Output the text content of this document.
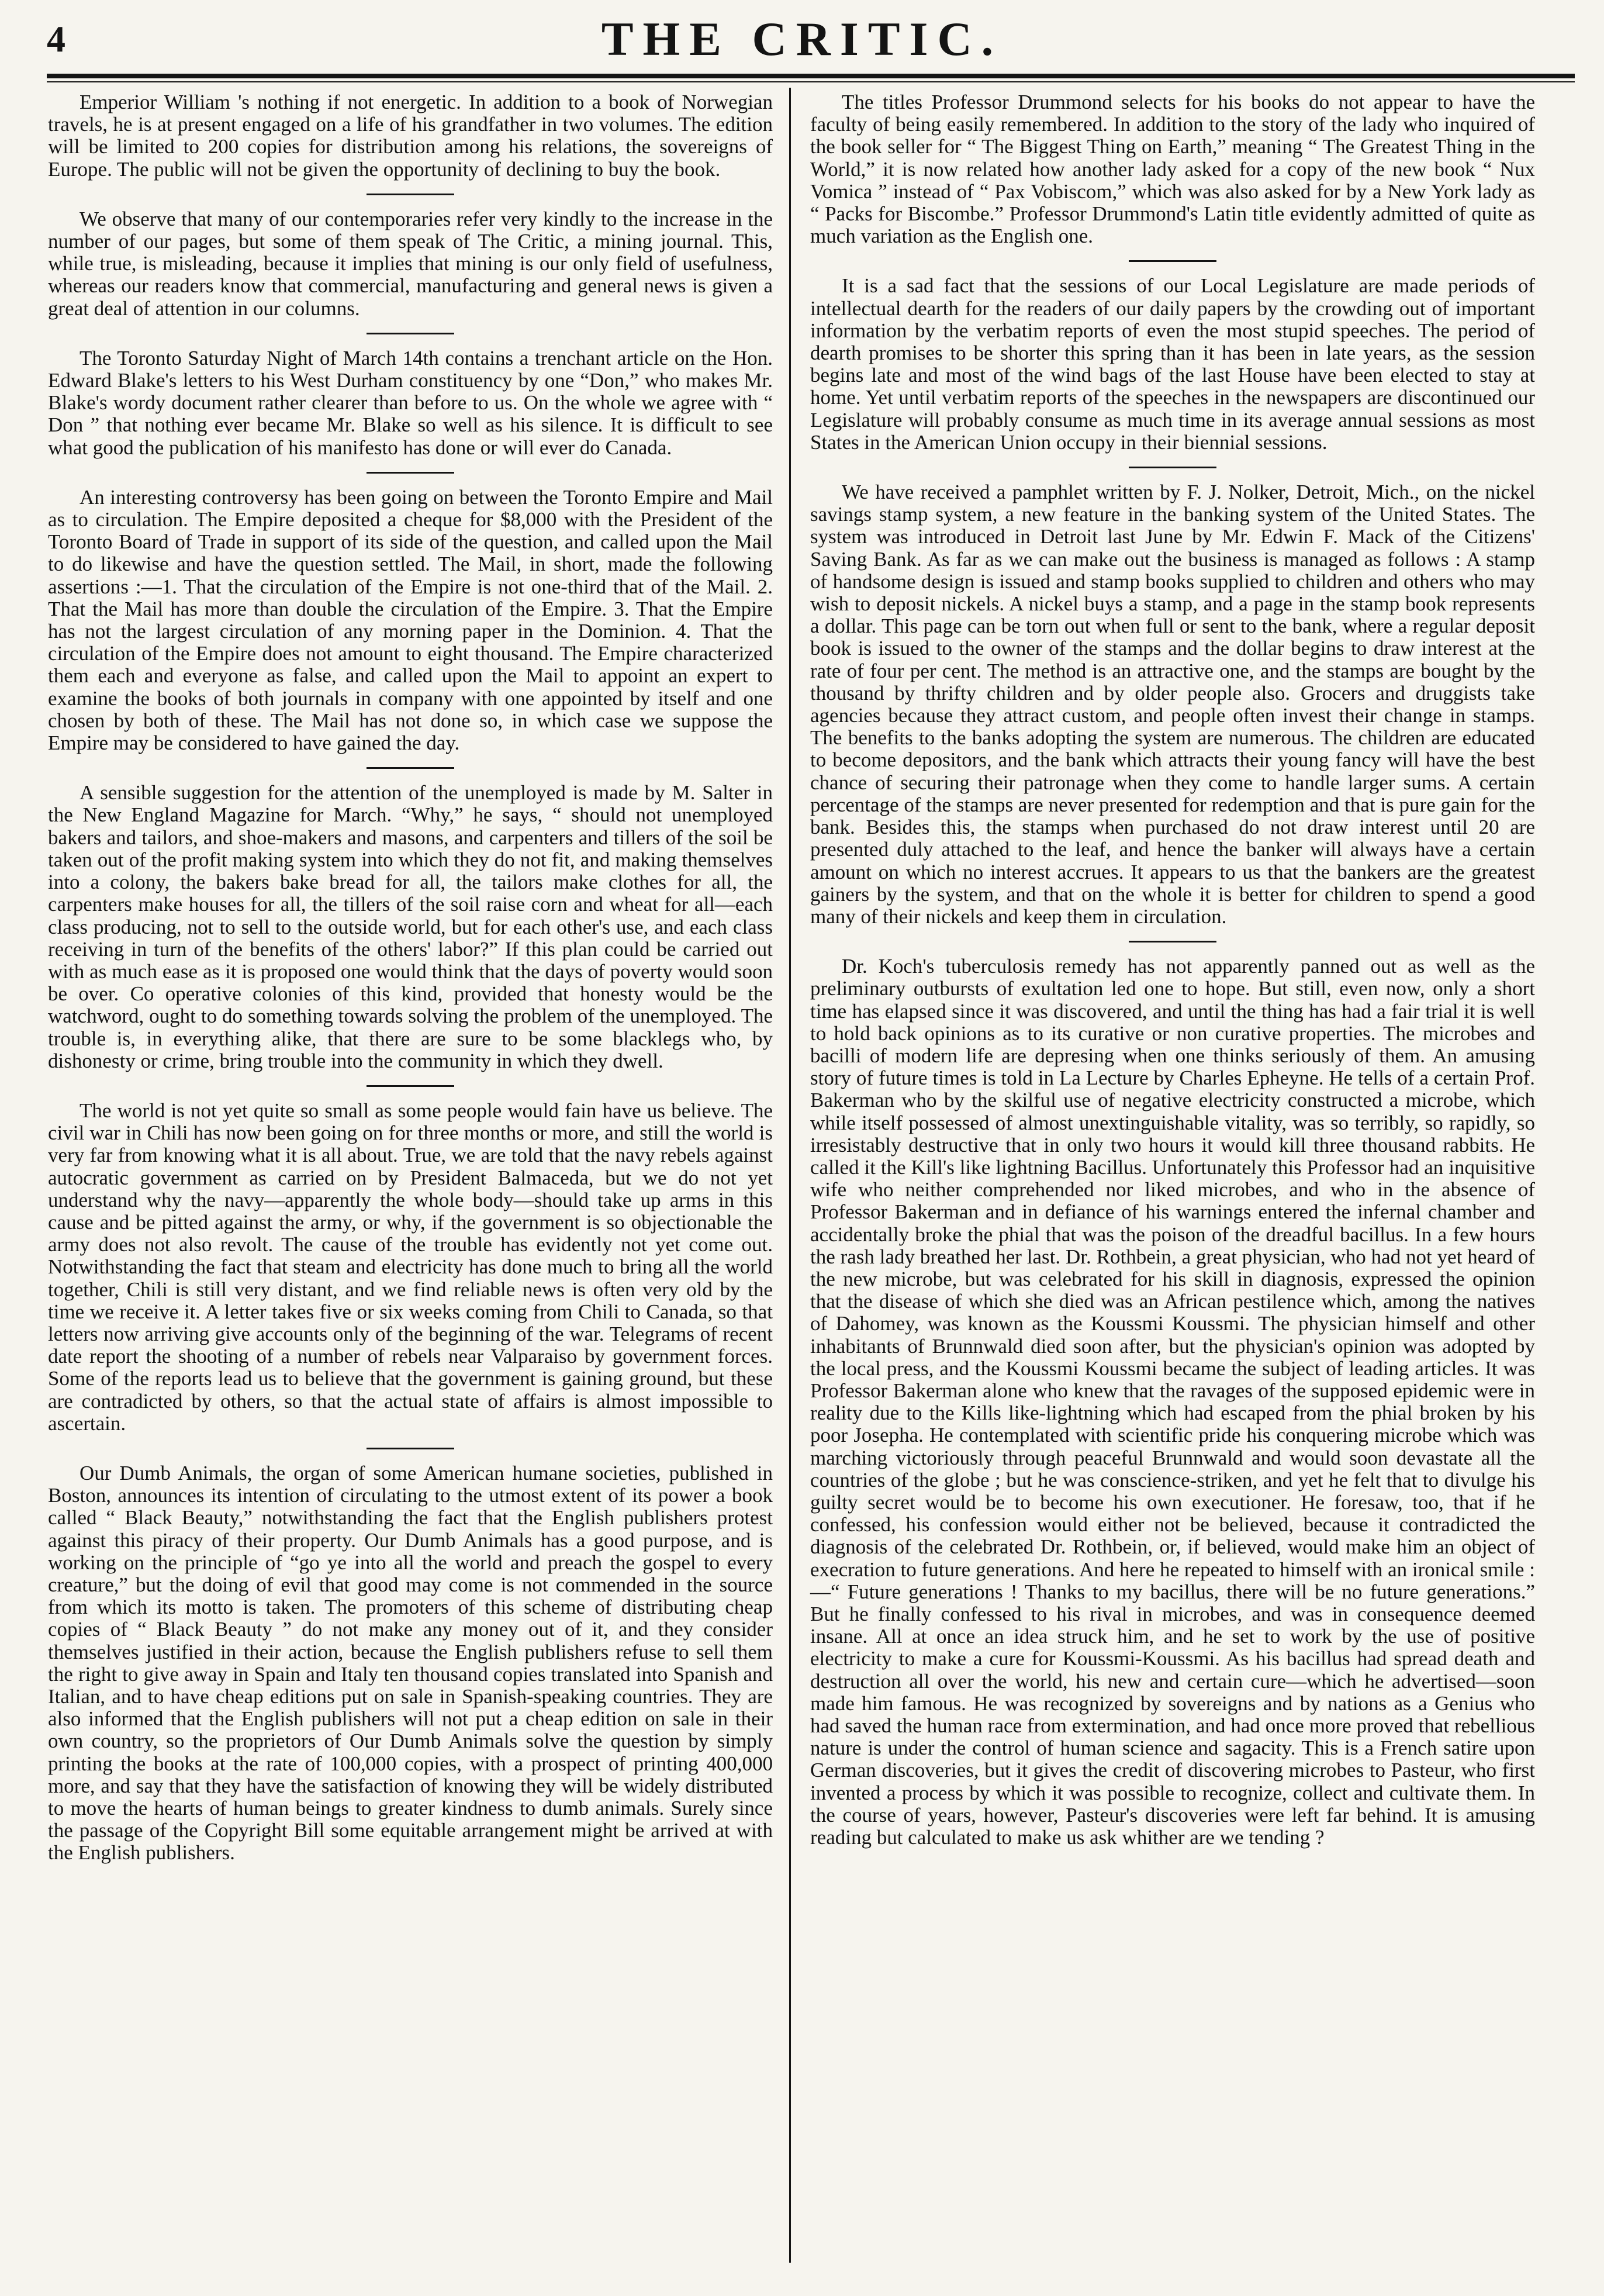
4	THE CRITIC.

Emperior William 's nothing if not energetic. In addition to a book of Norwegian travels, he is at present engaged on a life of his grandfather in two volumes. The edition will be limited to 200 copies for distribution among his relations, the sovereigns of Europe. The public will not be given the opportunity of declining to buy the book.

We observe that many of our contemporaries refer very kindly to the increase in the number of our pages, but some of them speak of The Critic, a mining journal. This, while true, is misleading, because it implies that mining is our only field of usefulness, whereas our readers know that commercial, manufacturing and general news is given a great deal of attention in our columns.

The Toronto Saturday Night of March 14th contains a trenchant article on the Hon. Edward Blake's letters to his West Durham constituency by one “Don,” who makes Mr. Blake's wordy document rather clearer than before to us. On the whole we agree with “ Don ” that nothing ever became Mr. Blake so well as his silence. It is difficult to see what good the publication of his manifesto has done or will ever do Canada.

An interesting controversy has been going on between the Toronto Empire and Mail as to circulation. The Empire deposited a cheque for $8,000 with the President of the Toronto Board of Trade in support of its side of the question, and called upon the Mail to do likewise and have the question settled. The Mail, in short, made the following assertions :—1. That the circulation of the Empire is not one-third that of the Mail. 2. That the Mail has more than double the circulation of the Empire. 3. That the Empire has not the largest circulation of any morning paper in the Dominion. 4. That the circulation of the Empire does not amount to eight thousand. The Empire characterized them each and everyone as false, and called upon the Mail to appoint an expert to examine the books of both journals in company with one appointed by itself and one chosen by both of these. The Mail has not done so, in which case we suppose the Empire may be considered to have gained the day.

A sensible suggestion for the attention of the unemployed is made by M. Salter in the New England Magazine for March. “Why,” he says, “ should not unemployed bakers and tailors, and shoe-makers and masons, and carpenters and tillers of the soil be taken out of the profit making system into which they do not fit, and making themselves into a colony, the bakers bake bread for all, the tailors make clothes for all, the carpenters make houses for all, the tillers of the soil raise corn and wheat for all—each class producing, not to sell to the outside world, but for each other's use, and each class receiving in turn of the benefits of the others' labor?” If this plan could be carried out with as much ease as it is proposed one would think that the days of poverty would soon be over. Co operative colonies of this kind, provided that honesty would be the watchword, ought to do something towards solving the problem of the unemployed. The trouble is, in everything alike, that there are sure to be some blacklegs who, by dishonesty or crime, bring trouble into the community in which they dwell.

The world is not yet quite so small as some people would fain have us believe. The civil war in Chili has now been going on for three months or more, and still the world is very far from knowing what it is all about. True, we are told that the navy rebels against autocratic government as carried on by President Balmaceda, but we do not yet understand why the navy—apparently the whole body—should take up arms in this cause and be pitted against the army, or why, if the government is so objectionable the army does not also revolt. The cause of the trouble has evidently not yet come out. Notwithstanding the fact that steam and electricity has done much to bring all the world together, Chili is still very distant, and we find reliable news is often very old by the time we receive it. A letter takes five or six weeks coming from Chili to Canada, so that letters now arriving give accounts only of the beginning of the war. Telegrams of recent date report the shooting of a number of rebels near Valparaiso by government forces. Some of the reports lead us to believe that the government is gaining ground, but these are contradicted by others, so that the actual state of affairs is almost impossible to ascertain.

Our Dumb Animals, the organ of some American humane societies, published in Boston, announces its intention of circulating to the utmost extent of its power a book called “ Black Beauty,” notwithstanding the fact that the English publishers protest against this piracy of their property. Our Dumb Animals has a good purpose, and is working on the principle of “go ye into all the world and preach the gospel to every creature,” but the doing of evil that good may come is not commended in the source from which its motto is taken. The promoters of this scheme of distributing cheap copies of “ Black Beauty ” do not make any money out of it, and they consider themselves justified in their action, because the English publishers refuse to sell them the right to give away in Spain and Italy ten thousand copies translated into Spanish and Italian, and to have cheap editions put on sale in Spanish-speaking countries. They are also informed that the English publishers will not put a cheap edition on sale in their own country, so the proprietors of Our Dumb Animals solve the question by simply printing the books at the rate of 100,000 copies, with a prospect of printing 400,000 more, and say that they have the satisfaction of knowing they will be widely distributed to move the hearts of human beings to greater kindness to dumb animals. Surely since the passage of the Copyright Bill some equitable arrangement might be arrived at with the English publishers.

The titles Professor Drummond selects for his books do not appear to have the faculty of being easily remembered. In addition to the story of the lady who inquired of the book seller for “ The Biggest Thing on Earth,” meaning “ The Greatest Thing in the World,” it is now related how another lady asked for a copy of the new book “ Nux Vomica ” instead of “ Pax Vobiscom,” which was also asked for by a New York lady as “ Packs for Biscombe.” Professor Drummond's Latin title evidently admitted of quite as much variation as the English one.

It is a sad fact that the sessions of our Local Legislature are made periods of intellectual dearth for the readers of our daily papers by the crowding out of important information by the verbatim reports of even the most stupid speeches. The period of dearth promises to be shorter this spring than it has been in late years, as the session begins late and most of the wind bags of the last House have been elected to stay at home. Yet until verbatim reports of the speeches in the newspapers are discontinued our Legislature will probably consume as much time in its average annual sessions as most States in the American Union occupy in their biennial sessions.

We have received a pamphlet written by F. J. Nolker, Detroit, Mich., on the nickel savings stamp system, a new feature in the banking system of the United States. The system was introduced in Detroit last June by Mr. Edwin F. Mack of the Citizens' Saving Bank. As far as we can make out the business is managed as follows : A stamp of handsome design is issued and stamp books supplied to children and others who may wish to deposit nickels. A nickel buys a stamp, and a page in the stamp book represents a dollar. This page can be torn out when full or sent to the bank, where a regular deposit book is issued to the owner of the stamps and the dollar begins to draw interest at the rate of four per cent. The method is an attractive one, and the stamps are bought by the thousand by thrifty children and by older people also. Grocers and druggists take agencies because they attract custom, and people often invest their change in stamps. The benefits to the banks adopting the system are numerous. The children are educated to become depositors, and the bank which attracts their young fancy will have the best chance of securing their patronage when they come to handle larger sums. A certain percentage of the stamps are never presented for redemption and that is pure gain for the bank. Besides this, the stamps when purchased do not draw interest until 20 are presented duly attached to the leaf, and hence the banker will always have a certain amount on which no interest accrues. It appears to us that the bankers are the greatest gainers by the system, and that on the whole it is better for children to spend a good many of their nickels and keep them in circulation.

Dr. Koch's tuberculosis remedy has not apparently panned out as well as the preliminary outbursts of exultation led one to hope. But still, even now, only a short time has elapsed since it was discovered, and until the thing has had a fair trial it is well to hold back opinions as to its curative or non curative properties. The microbes and bacilli of modern life are depresing when one thinks seriously of them. An amusing story of future times is told in La Lecture by Charles Epheyne. He tells of a certain Prof. Bakerman who by the skilful use of negative electricity constructed a microbe, which while itself possessed of almost unextinguishable vitality, was so terribly, so rapidly, so irresistably destructive that in only two hours it would kill three thousand rabbits. He called it the Kill's like lightning Bacillus. Unfortunately this Professor had an inquisitive wife who neither comprehended nor liked microbes, and who in the absence of Professor Bakerman and in defiance of his warnings entered the infernal chamber and accidentally broke the phial that was the poison of the dreadful bacillus. In a few hours the rash lady breathed her last. Dr. Rothbein, a great physician, who had not yet heard of the new microbe, but was celebrated for his skill in diagnosis, expressed the opinion that the disease of which she died was an African pestilence which, among the natives of Dahomey, was known as the Koussmi Koussmi. The physician himself and other inhabitants of Brunnwald died soon after, but the physician's opinion was adopted by the local press, and the Koussmi Koussmi became the subject of leading articles. It was Professor Bakerman alone who knew that the ravages of the supposed epidemic were in reality due to the Kills like-lightning which had escaped from the phial broken by his poor Josepha. He contemplated with scientific pride his conquering microbe which was marching victoriously through peaceful Brunnwald and would soon devastate all the countries of the globe ; but he was conscience-striken, and yet he felt that to divulge his guilty secret would be to become his own executioner. He foresaw, too, that if he confessed, his confession would either not be believed, because it contradicted the diagnosis of the celebrated Dr. Rothbein, or, if believed, would make him an object of execration to future generations. And here he repeated to himself with an ironical smile :—“ Future generations ! Thanks to my bacillus, there will be no future generations.” But he finally confessed to his rival in microbes, and was in consequence deemed insane. All at once an idea struck him, and he set to work by the use of positive electricity to make a cure for Koussmi-Koussmi. As his bacillus had spread death and destruction all over the world, his new and certain cure—which he advertised—soon made him famous. He was recognized by sovereigns and by nations as a Genius who had saved the human race from extermination, and had once more proved that rebellious nature is under the control of human science and sagacity. This is a French satire upon German discoveries, but it gives the credit of discovering microbes to Pasteur, who first invented a process by which it was possible to recognize, collect and cultivate them. In the course of years, however, Pasteur's discoveries were left far behind. It is amusing reading but calculated to make us ask whither are we tending ?
